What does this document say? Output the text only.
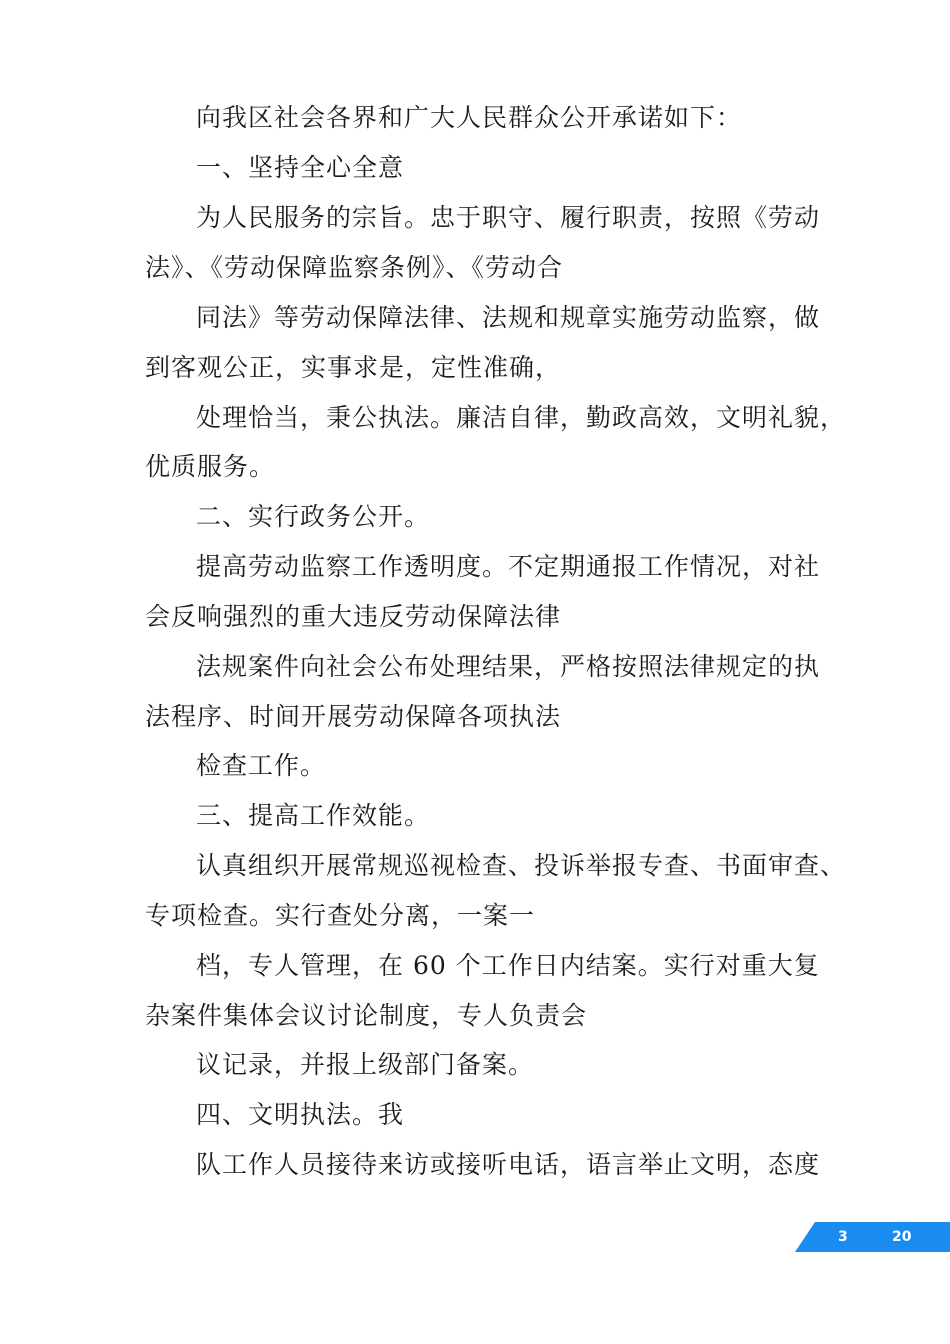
向我区社会各界和广大人民群众公开承诺如下：
一、坚持全心全意
为人民服务的宗旨。忠于职守、履行职责，按照《劳动
法》、《劳动保障监察条例》、《劳动合
同法》等劳动保障法律、法规和规章实施劳动监察，做
到客观公正，实事求是，定性准确，
处理恰当，秉公执法。廉洁自律，勤政高效，文明礼貌，
优质服务。
二、实行政务公开。
提高劳动监察工作透明度。不定期通报工作情况，对社
会反响强烈的重大违反劳动保障法律
法规案件向社会公布处理结果，严格按照法律规定的执
法程序、时间开展劳动保障各项执法
检查工作。
三、提高工作效能。
认真组织开展常规巡视检查、投诉举报专查、书面审查、
专项检查。实行查处分离，一案一
档，专人管理，在 60 个工作日内结案。实行对重大复
杂案件集体会议讨论制度，专人负责会
议记录，并报上级部门备案。
四、文明执法。我
队工作人员接待来访或接听电话，语言举止文明，态度
3	20
